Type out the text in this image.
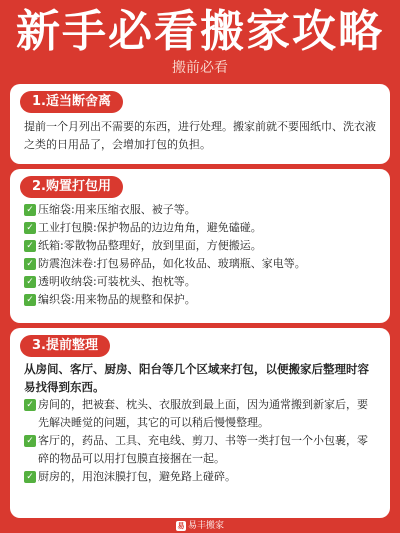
新手必看搬家攻略
搬前必看
1.适当断舍离
提前一个月列出不需要的东西，进行处理。搬家前就不要囤纸巾、洗衣液之类的日用品了，会增加打包的负担。
2.购置打包用
✓ 压缩袋:用来压缩衣服、被子等。
✓ 工业打包膜:保护物品的边边角角，避免磕碰。
✓ 纸箱:零散物品整理好，放到里面，方便搬运。
✓ 防震泡沫卷:打包易碎品，如化妆品、玻璃瓶、家电等。
✓ 透明收纳袋:可装枕头、抱枕等。
✓ 编织袋:用来物品的规整和保护。
3.提前整理
从房间、客厅、厨房、阳台等几个区域来打包，以便搬家后整理时容易找得到东西。
✓ 房间的，把被套、枕头、衣服放到最上面，因为通常搬到新家后，要先解决睡觉的问题，其它的可以稍后慢慢整理。
✓ 客厅的，药品、工具、充电线、剪刀、书等一类打包一个小包裹，零碎的物品可以用打包膜直接捆在一起。
✓ 厨房的，用泡沫膜打包，避免路上碰碎。
易 易丰搬家
